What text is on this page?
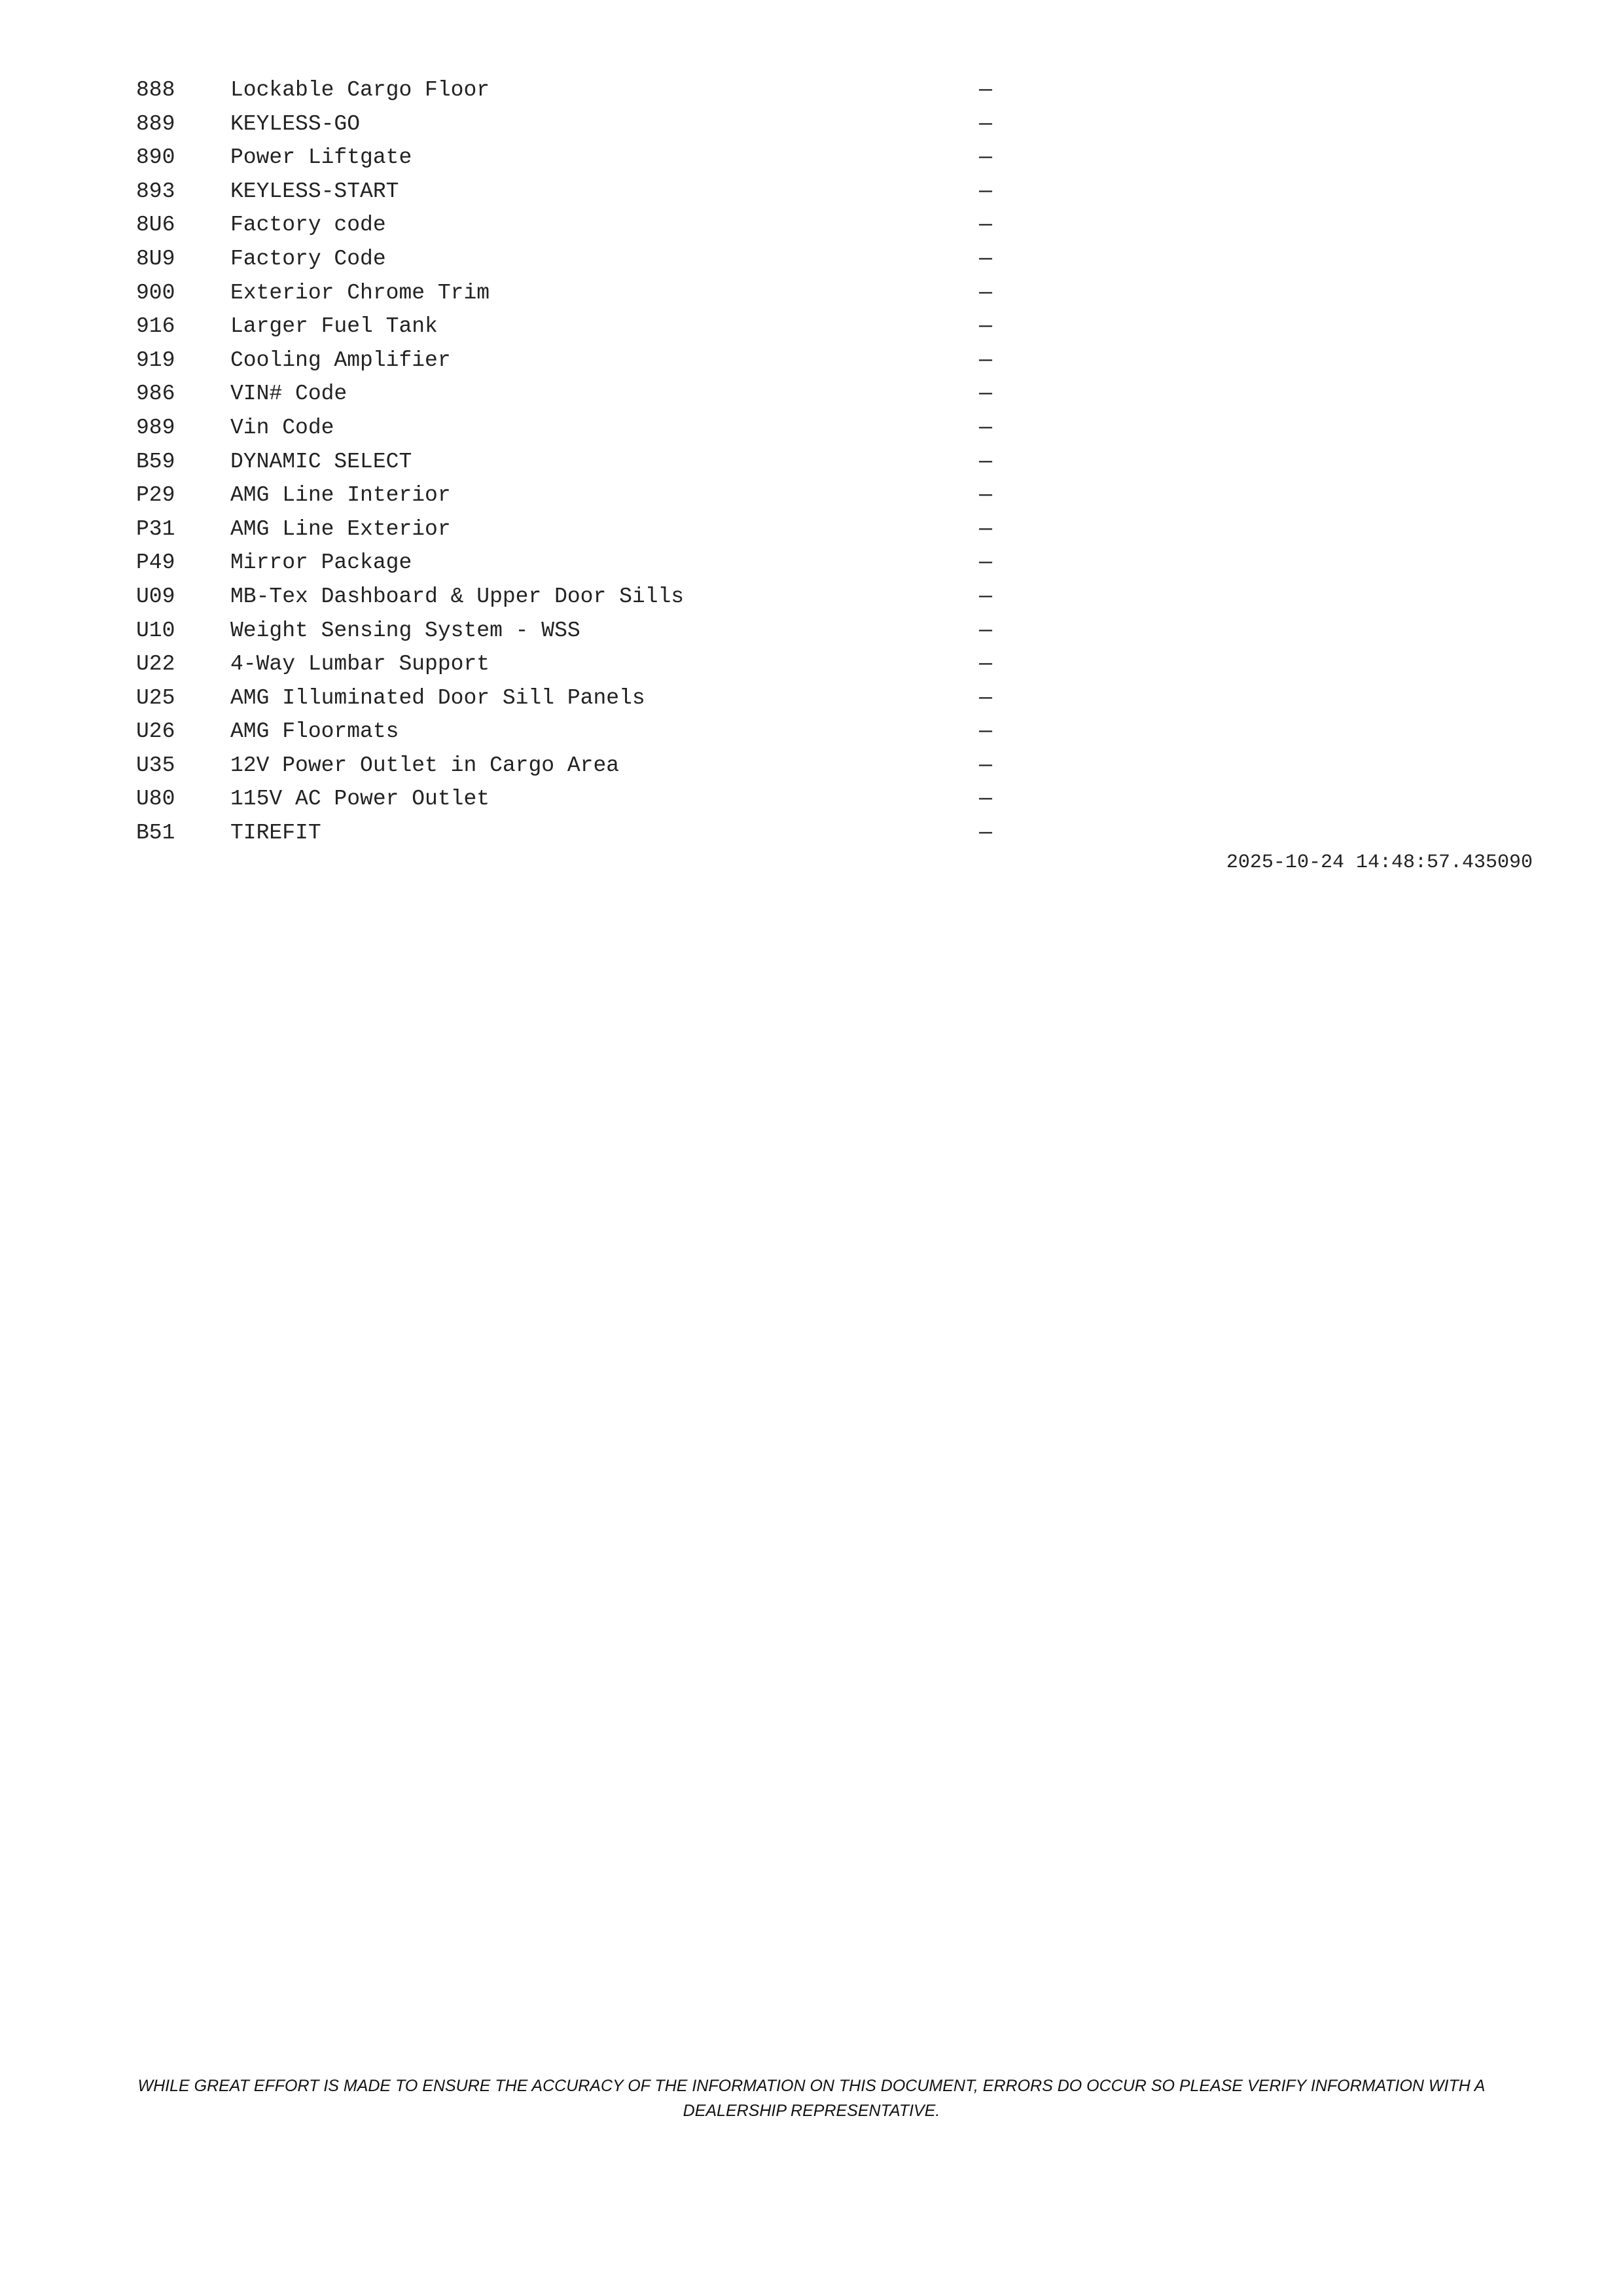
888	Lockable Cargo Floor	—
889	KEYLESS-GO	—
890	Power Liftgate	—
893	KEYLESS-START	—
8U6	Factory code	—
8U9	Factory Code	—
900	Exterior Chrome Trim	—
916	Larger Fuel Tank	—
919	Cooling Amplifier	—
986	VIN# Code	—
989	Vin Code	—
B59	DYNAMIC SELECT	—
P29	AMG Line Interior	—
P31	AMG Line Exterior	—
P49	Mirror Package	—
U09	MB-Tex Dashboard & Upper Door Sills	—
U10	Weight Sensing System - WSS	—
U22	4-Way Lumbar Support	—
U25	AMG Illuminated Door Sill Panels	—
U26	AMG Floormats	—
U35	12V Power Outlet in Cargo Area	—
U80	115V AC Power Outlet	—
B51	TIREFIT	—
2025-10-24 14:48:57.435090
WHILE GREAT EFFORT IS MADE TO ENSURE THE ACCURACY OF THE INFORMATION ON THIS DOCUMENT, ERRORS DO OCCUR SO PLEASE VERIFY INFORMATION WITH A DEALERSHIP REPRESENTATIVE.
